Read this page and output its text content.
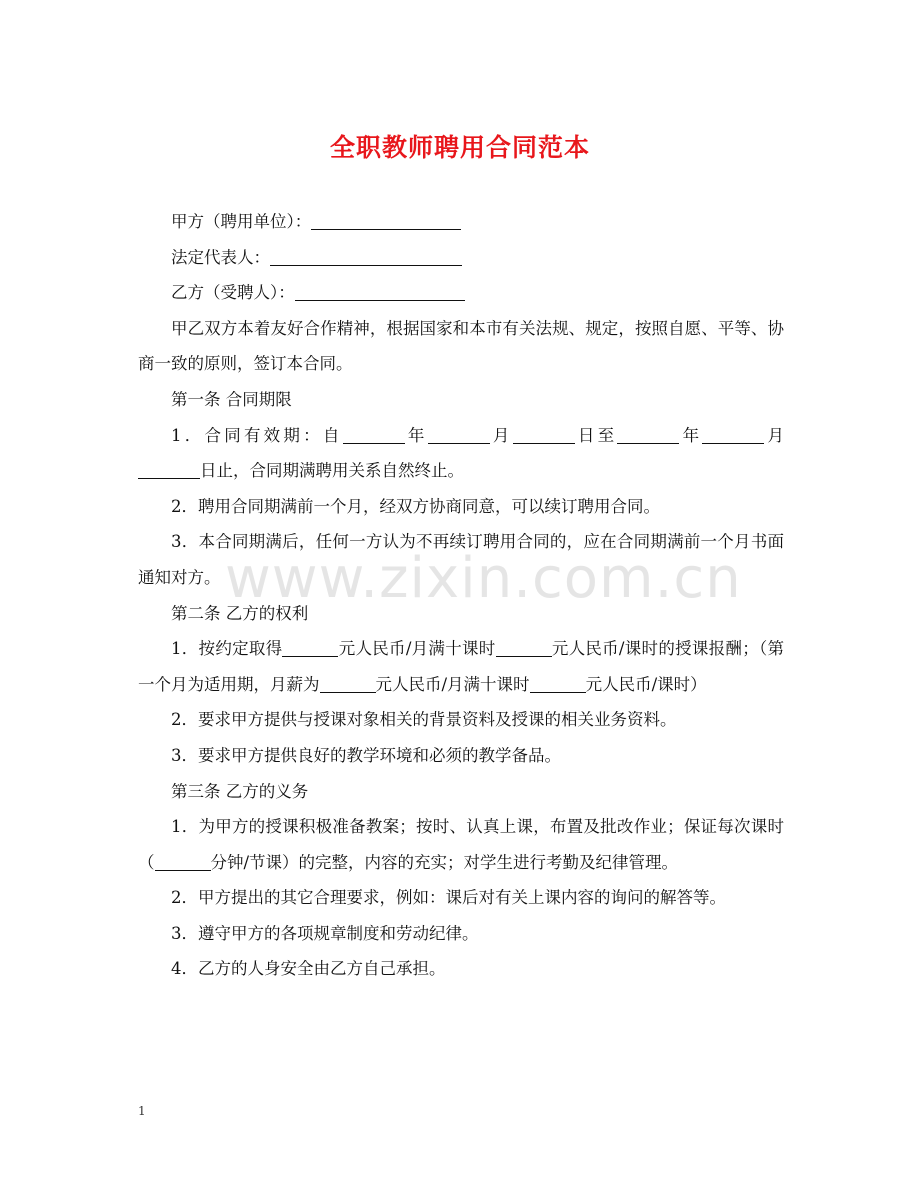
全职教师聘用合同范本

甲方（聘用单位）：

法定代表人：

乙方（受聘人）：

甲乙双方本着友好合作精神，根据国家和本市有关法规、规定，按照自愿、平等、协商一致的原则，签订本合同。

第一条 合同期限

1．合同有效期：自	年	月	日至	年	月日止，合同期满聘用关系自然终止。

2．聘用合同期满前一个月，经双方协商同意，可以续订聘用合同。

3．本合同期满后，任何一方认为不再续订聘用合同的，应在合同期满前一个月书面通知对方。

第二条 乙方的权利

1．按约定取得	元人民币/月满十课时	元人民币/课时的授课报酬；（第一个月为适用期，月薪为	元人民币/月满十课时	元人民币/课时）

2．要求甲方提供与授课对象相关的背景资料及授课的相关业务资料。

3．要求甲方提供良好的教学环境和必须的教学备品。

第三条 乙方的义务

1．为甲方的授课积极准备教案；按时、认真上课，布置及批改作业；保证每次课时（	分钟/节课）的完整，内容的充实；对学生进行考勤及纪律管理。

2．甲方提出的其它合理要求，例如：课后对有关上课内容的询问的解答等。

3．遵守甲方的各项规章制度和劳动纪律。

4．乙方的人身安全由乙方自己承担。

www.zixin.com.cn
1
